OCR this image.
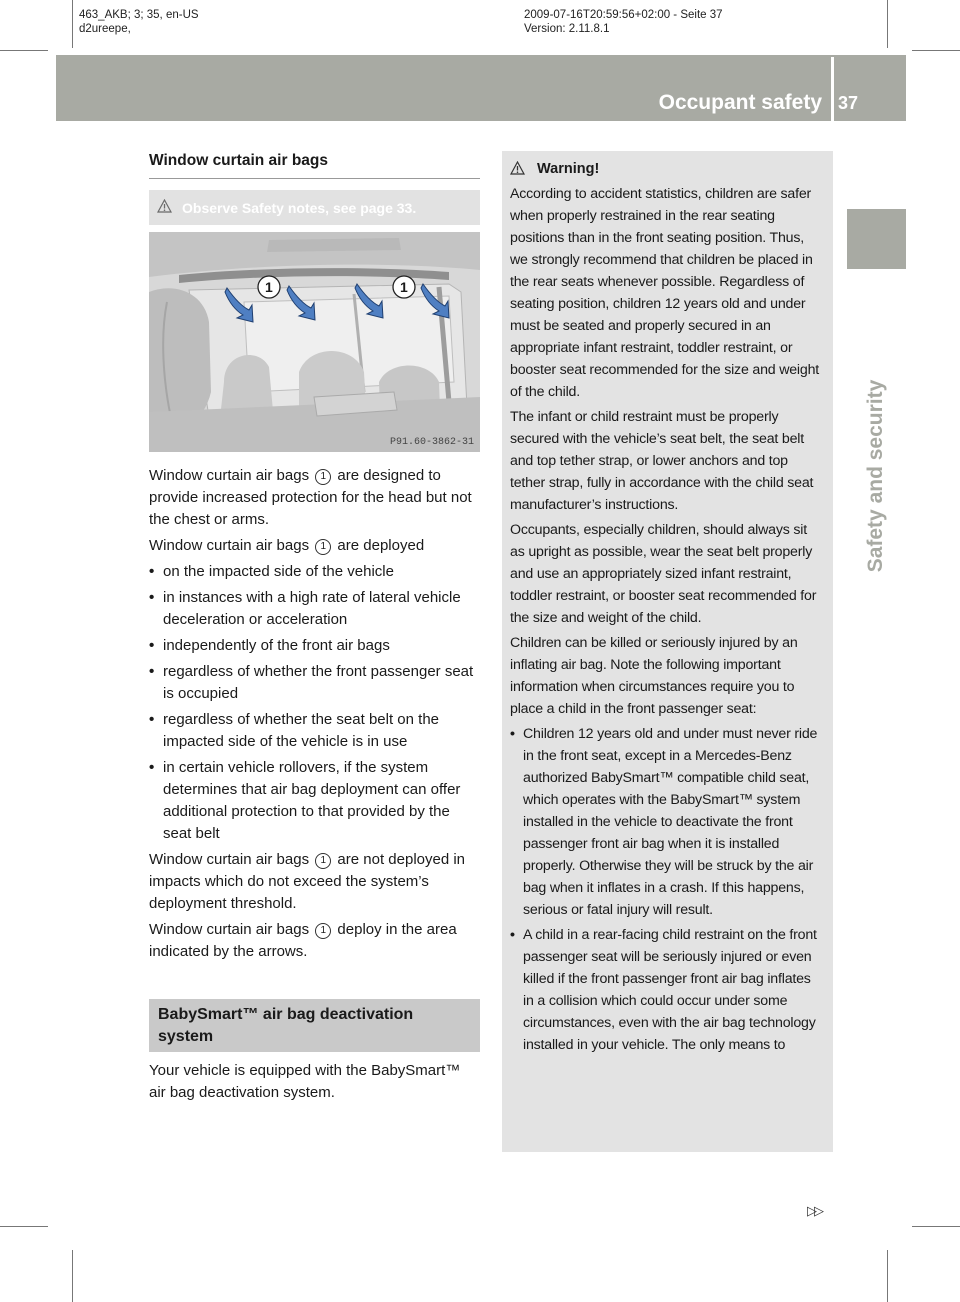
463_AKB; 3; 35, en-US
d2ureepe,
2009-07-16T20:59:56+02:00 - Seite 37
Version: 2.11.8.1
Occupant safety 37
Safety and security
Window curtain air bags
Observe Safety notes, see page 33.
1	1
P91.60-3862-31

Window curtain air bags 1 are designed to provide increased protection for the head but not the chest or arms.

Window curtain air bags 1 are deployed

• on the impacted side of the vehicle
• in instances with a high rate of lateral vehicle deceleration or acceleration
• independently of the front air bags
• regardless of whether the front passenger seat is occupied
• regardless of whether the seat belt on the impacted side of the vehicle is in use
• in certain vehicle rollovers, if the system determines that air bag deployment can offer additional protection to that provided by the seat belt

Window curtain air bags 1 are not deployed in impacts which do not exceed the system’s deployment threshold.

Window curtain air bags 1 deploy in the area indicated by the arrows.

BabySmart™ air bag deactivation system
Your vehicle is equipped with the BabySmart™ air bag deactivation system.
Warning!

According to accident statistics, children are safer when properly restrained in the rear seating positions than in the front seating position. Thus, we strongly recommend that children be placed in the rear seats whenever possible. Regardless of seating position, children 12 years old and under must be seated and properly secured in an appropriate infant restraint, toddler restraint, or booster seat recommended for the size and weight of the child.

The infant or child restraint must be properly secured with the vehicle’s seat belt, the seat belt and top tether strap, or lower anchors and top tether strap, fully in accordance with the child seat manufacturer’s instructions.

Occupants, especially children, should always sit as upright as possible, wear the seat belt properly and use an appropriately sized infant restraint, toddler restraint, or booster seat recommended for the size and weight of the child.

Children can be killed or seriously injured by an inflating air bag. Note the following important information when circumstances require you to place a child in the front passenger seat:

• Children 12 years old and under must never ride in the front seat, except in a Mercedes-Benz authorized BabySmart™ compatible child seat, which operates with the BabySmart™ system installed in the vehicle to deactivate the front passenger front air bag when it is installed properly. Otherwise they will be struck by the air bag when it inflates in a crash. If this happens, serious or fatal injury will result.
• A child in a rear-facing child restraint on the front passenger seat will be seriously injured or even killed if the front passenger front air bag inflates in a collision which could occur under some circumstances, even with the air bag technology installed in your vehicle. The only means to
▷▷
